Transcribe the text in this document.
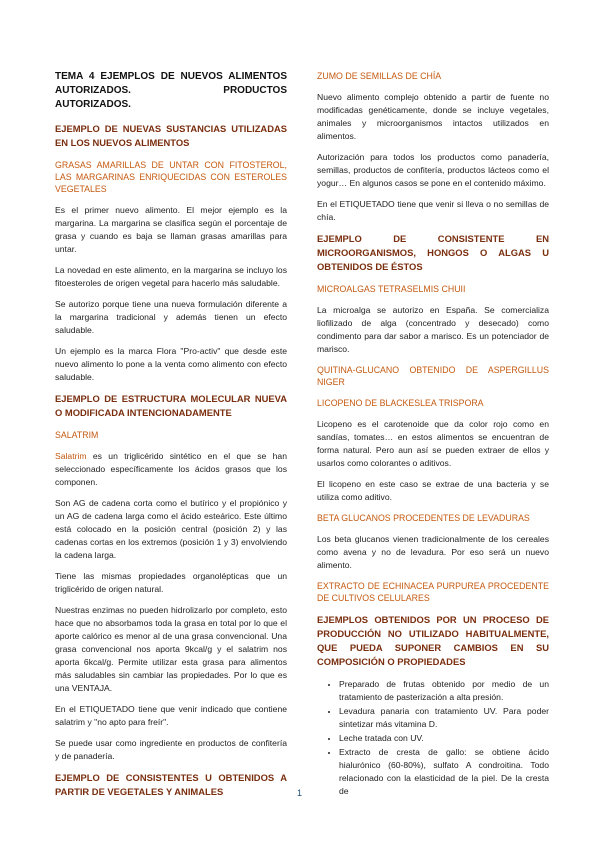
TEMA 4 EJEMPLOS DE NUEVOS ALIMENTOS AUTORIZADOS. PRODUCTOS
AUTORIZADOS.
EJEMPLO DE NUEVAS SUSTANCIAS UTILIZADAS EN LOS NUEVOS ALIMENTOS
GRASAS AMARILLAS DE UNTAR CON FITOSTEROL, LAS MARGARINAS ENRIQUECIDAS CON ESTEROLES VEGETALES

Es el primer nuevo alimento. El mejor ejemplo es la margarina. La margarina se clasifica según el porcentaje de grasa y cuando es baja se llaman grasas amarillas para untar.

La novedad en este alimento, en la margarina se incluyo los fitoesteroles de origen vegetal para hacerlo más saludable.

Se autorizo porque tiene una nueva formulación diferente a la margarina tradicional y además tienen un efecto saludable.

Un ejemplo es la marca Flora "Pro-activ" que desde este nuevo alimento lo pone a la venta como alimento con efecto saludable.

EJEMPLO DE ESTRUCTURA MOLECULAR NUEVA O MODIFICADA INTENCIONADAMENTE
SALATRIM

Salatrim es un triglicérido sintético en el que se han seleccionado específicamente los ácidos grasos que los componen.

Son AG de cadena corta como el butírico y el propiónico y un AG de cadena larga como el ácido esteárico. Este último está colocado en la posición central (posición 2) y las cadenas cortas en los extremos (posición 1 y 3) envolviendo la cadena larga.

Tiene las mismas propiedades organolépticas que un triglicérido de origen natural.

Nuestras enzimas no pueden hidrolizarlo por completo, esto hace que no absorbamos toda la grasa en total por lo que el aporte calórico es menor al de una grasa convencional. Una grasa convencional nos aporta 9kcal/g y el salatrim nos aporta 6kcal/g. Permite utilizar esta grasa para alimentos más saludables sin cambiar las propiedades. Por lo que es una VENTAJA.

En el ETIQUETADO tiene que venir indicado que contiene salatrim y "no apto para freír".

Se puede usar como ingrediente en productos de confitería y de panadería.

EJEMPLO DE CONSISTENTES U OBTENIDOS A PARTIR DE VEGETALES Y ANIMALES
ZUMO DE SEMILLAS DE CHÍA

Nuevo alimento complejo obtenido a partir de fuente no modificadas genéticamente, donde se incluye vegetales, animales y microorganismos intactos utilizados en alimentos.

Autorización para todos los productos como panadería, semillas, productos de confitería, productos lácteos como el yogur… En algunos casos se pone en el contenido máximo.

En el ETIQUETADO tiene que venir si lleva o no semillas de chía.

EJEMPLO DE CONSISTENTE EN MICROORGANISMOS, HONGOS O ALGAS U OBTENIDOS DE ÉSTOS
MICROALGAS TETRASELMIS CHUII

La microalga se autorizo en España. Se comercializa liofilizado de alga (concentrado y desecado) como condimento para dar sabor a marisco. Es un potenciador de marisco.

QUITINA-GLUCANO OBTENIDO DE ASPERGILLUS NIGER
LICOPENO DE BLACKESLEA TRISPORA

Licopeno es el carotenoide que da color rojo como en sandías, tomates… en estos alimentos se encuentran de forma natural. Pero aun así se pueden extraer de ellos y usarlos como colorantes o aditivos.

El licopeno en este caso se extrae de una bacteria y se utiliza como aditivo.

BETA GLUCANOS PROCEDENTES DE LEVADURAS

Los beta glucanos vienen tradicionalmente de los cereales como avena y no de levadura. Por eso será un nuevo alimento.

EXTRACTO DE ECHINACEA PURPUREA PROCEDENTE DE CULTIVOS CELULARES
EJEMPLOS OBTENIDOS POR UN PROCESO DE PRODUCCIÓN NO UTILIZADO HABITUALMENTE, QUE PUEDA SUPONER CAMBIOS EN SU COMPOSICIÓN O PROPIEDADES
• Preparado de frutas obtenido por medio de un tratamiento de pasterización a alta presión.
• Levadura panaria con tratamiento UV. Para poder sintetizar más vitamina D.
• Leche tratada con UV.
• Extracto de cresta de gallo: se obtiene ácido hialurónico (60-80%), sulfato A condroitina. Todo relacionado con la elasticidad de la piel. De la cresta de
1
